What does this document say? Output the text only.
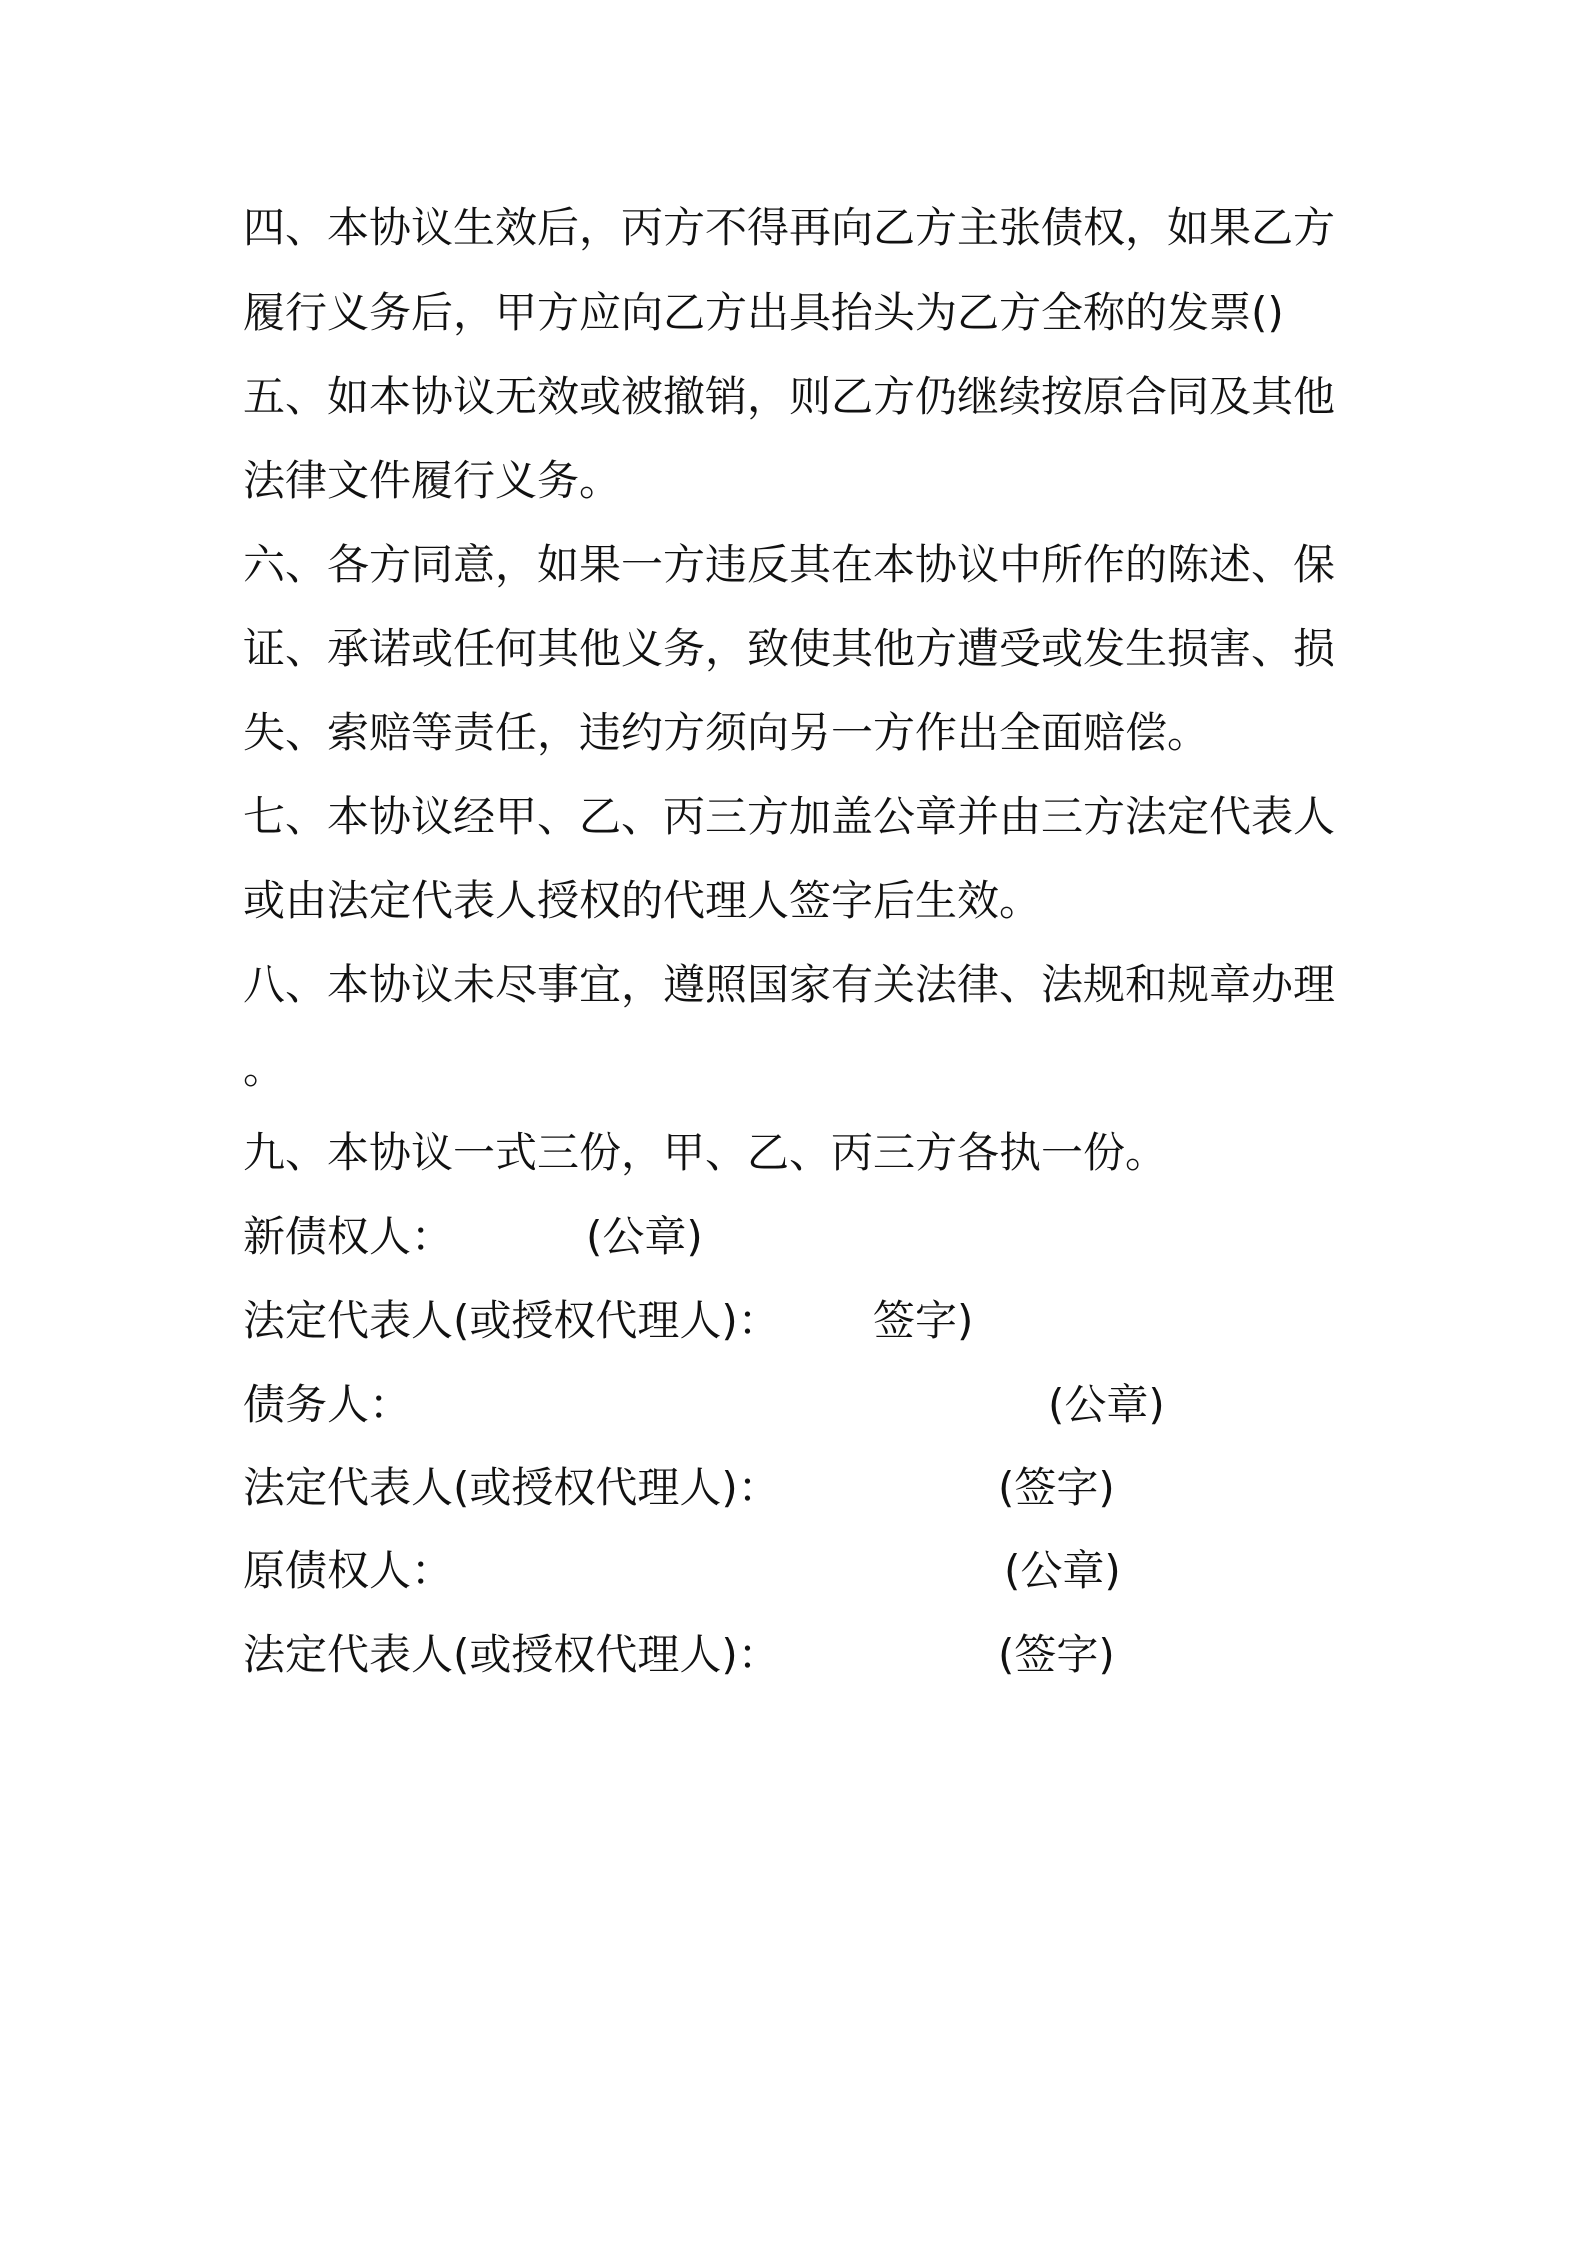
四、本协议生效后，丙方不得再向乙方主张债权，如果乙方
履行义务后，甲方应向乙方出具抬头为乙方全称的发票()
五、如本协议无效或被撤销，则乙方仍继续按原合同及其他
法律文件履行义务。
六、各方同意，如果一方违反其在本协议中所作的陈述、保
证、承诺或任何其他义务，致使其他方遭受或发生损害、损
失、索赔等责任，违约方须向另一方作出全面赔偿。
七、本协议经甲、乙、丙三方加盖公章并由三方法定代表人
或由法定代表人授权的代理人签字后生效。
八、本协议未尽事宜，遵照国家有关法律、法规和规章办理
。
九、本协议一式三份，甲、乙、丙三方各执一份。
新债权人：	(公章)
法定代表人(或授权代理人)： 签字)
债务人：	(公章)
法定代表人(或授权代理人)：	(签字)
原债权人：	(公章)
法定代表人(或授权代理人)：	(签字)
